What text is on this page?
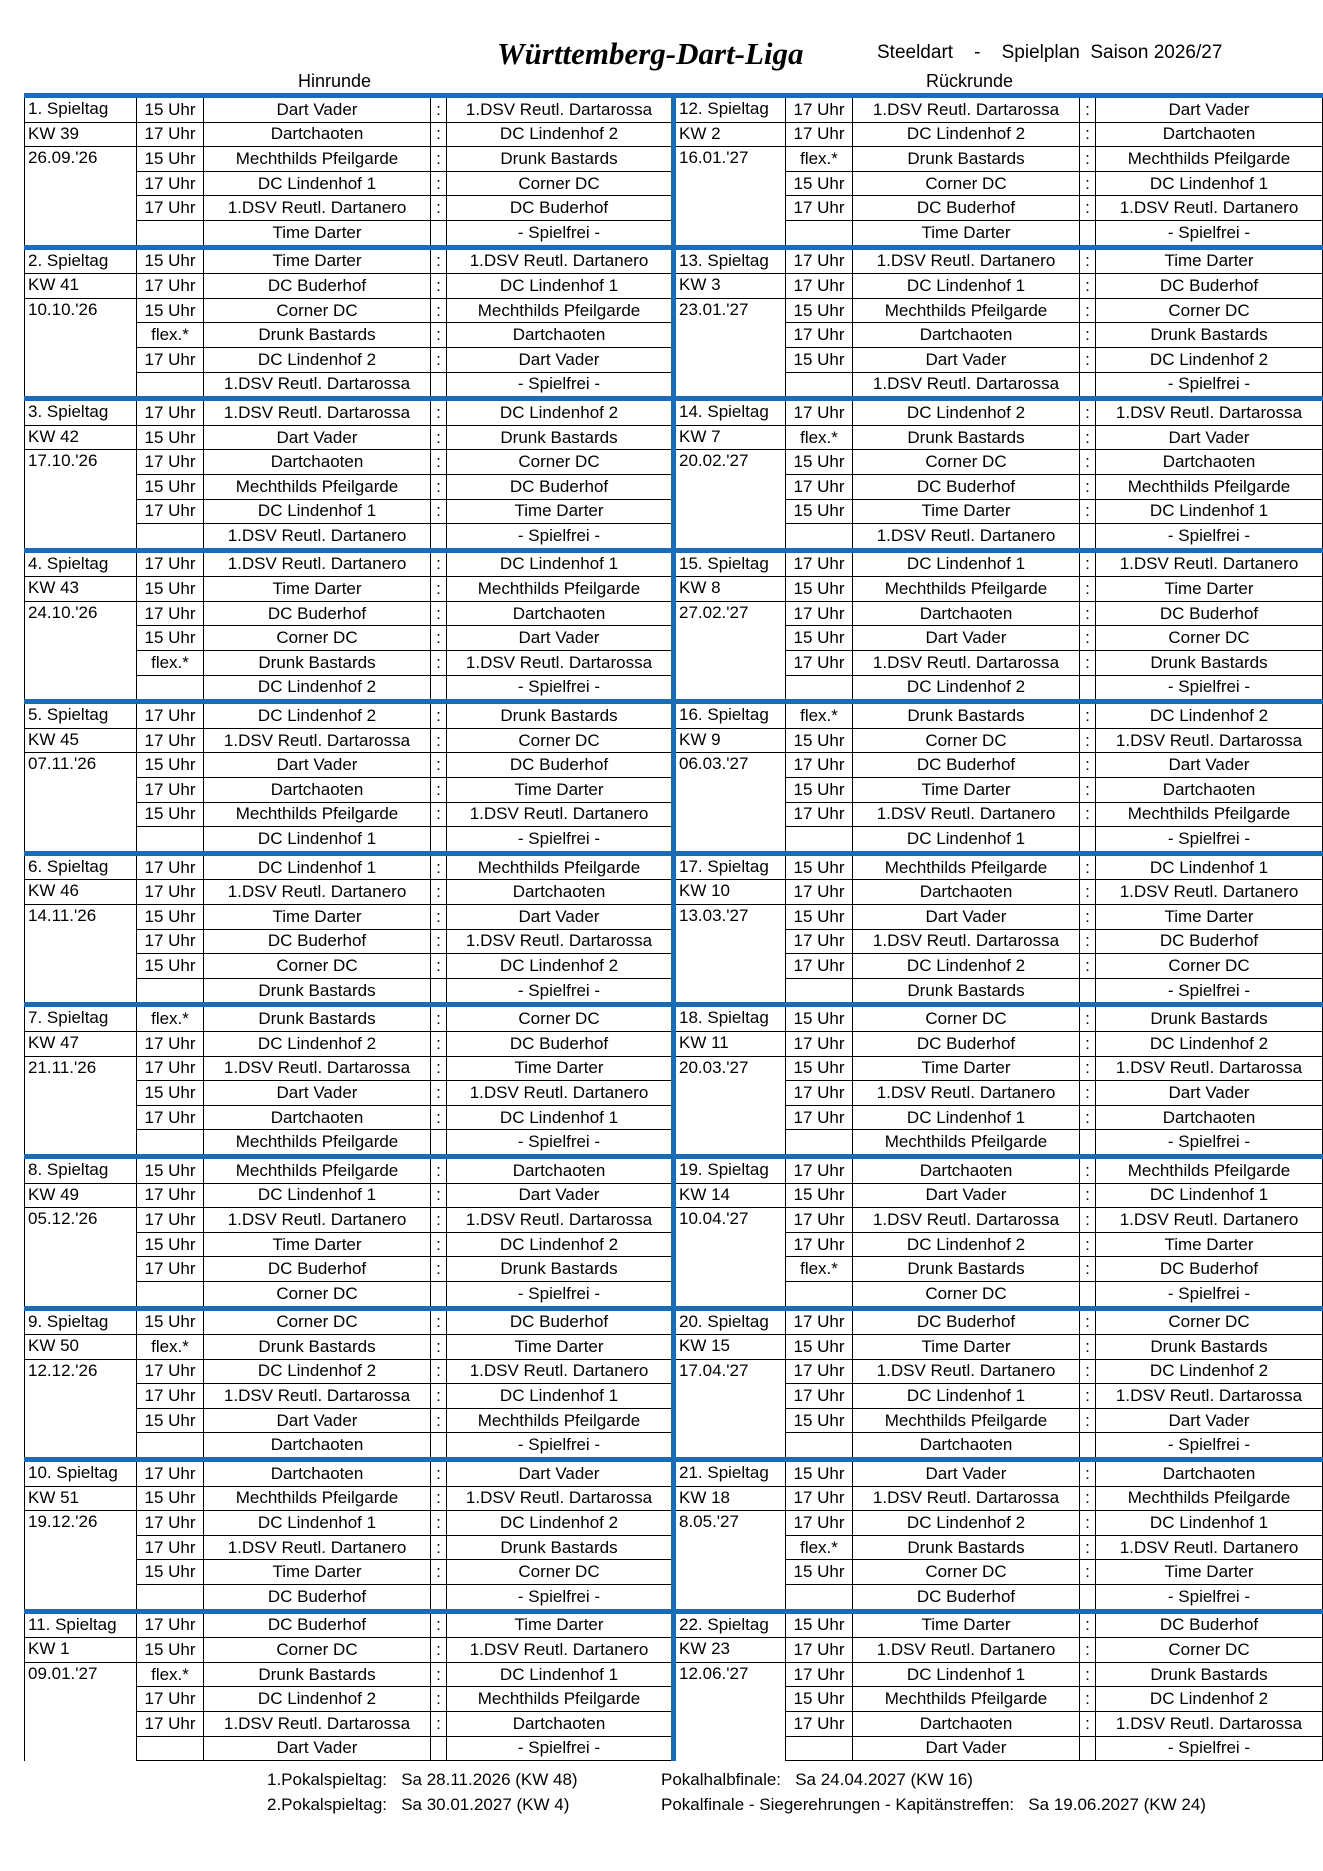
Württemberg-Dart-Liga	Steeldart    -    Spielplan  Saison 2026/27
Hinrunde	Rückrunde
1. Spieltag	15 Uhr	Dart Vader	:	1.DSV Reutl. Dartarossa	12. Spieltag	17 Uhr	1.DSV Reutl. Dartarossa	:	Dart Vader
KW 39	17 Uhr	Dartchaoten	:	DC Lindenhof 2	KW 2	17 Uhr	DC Lindenhof 2	:	Dartchaoten
26.09.'26	15 Uhr	Mechthilds Pfeilgarde	:	Drunk Bastards	16.01.'27	flex.*	Drunk Bastards	:	Mechthilds Pfeilgarde
	17 Uhr	DC Lindenhof 1	:	Corner DC		15 Uhr	Corner DC	:	DC Lindenhof 1
	17 Uhr	1.DSV Reutl. Dartanero	:	DC Buderhof		17 Uhr	DC Buderhof	:	1.DSV Reutl. Dartanero
		Time Darter		- Spielfrei -			Time Darter		- Spielfrei -
2. Spieltag	15 Uhr	Time Darter	:	1.DSV Reutl. Dartanero	13. Spieltag	17 Uhr	1.DSV Reutl. Dartanero	:	Time Darter
KW 41	17 Uhr	DC Buderhof	:	DC Lindenhof 1	KW 3	17 Uhr	DC Lindenhof 1	:	DC Buderhof
10.10.'26	15 Uhr	Corner DC	:	Mechthilds Pfeilgarde	23.01.'27	15 Uhr	Mechthilds Pfeilgarde	:	Corner DC
	flex.*	Drunk Bastards	:	Dartchaoten		17 Uhr	Dartchaoten	:	Drunk Bastards
	17 Uhr	DC Lindenhof 2	:	Dart Vader		15 Uhr	Dart Vader	:	DC Lindenhof 2
		1.DSV Reutl. Dartarossa		- Spielfrei -			1.DSV Reutl. Dartarossa		- Spielfrei -
3. Spieltag	17 Uhr	1.DSV Reutl. Dartarossa	:	DC Lindenhof 2	14. Spieltag	17 Uhr	DC Lindenhof 2	:	1.DSV Reutl. Dartarossa
KW 42	15 Uhr	Dart Vader	:	Drunk Bastards	KW 7	flex.*	Drunk Bastards	:	Dart Vader
17.10.'26	17 Uhr	Dartchaoten	:	Corner DC	20.02.'27	15 Uhr	Corner DC	:	Dartchaoten
	15 Uhr	Mechthilds Pfeilgarde	:	DC Buderhof		17 Uhr	DC Buderhof	:	Mechthilds Pfeilgarde
	17 Uhr	DC Lindenhof 1	:	Time Darter		15 Uhr	Time Darter	:	DC Lindenhof 1
		1.DSV Reutl. Dartanero		- Spielfrei -			1.DSV Reutl. Dartanero		- Spielfrei -
4. Spieltag	17 Uhr	1.DSV Reutl. Dartanero	:	DC Lindenhof 1	15. Spieltag	17 Uhr	DC Lindenhof 1	:	1.DSV Reutl. Dartanero
KW 43	15 Uhr	Time Darter	:	Mechthilds Pfeilgarde	KW 8	15 Uhr	Mechthilds Pfeilgarde	:	Time Darter
24.10.'26	17 Uhr	DC Buderhof	:	Dartchaoten	27.02.'27	17 Uhr	Dartchaoten	:	DC Buderhof
	15 Uhr	Corner DC	:	Dart Vader		15 Uhr	Dart Vader	:	Corner DC
	flex.*	Drunk Bastards	:	1.DSV Reutl. Dartarossa		17 Uhr	1.DSV Reutl. Dartarossa	:	Drunk Bastards
		DC Lindenhof 2		- Spielfrei -			DC Lindenhof 2		- Spielfrei -
5. Spieltag	17 Uhr	DC Lindenhof 2	:	Drunk Bastards	16. Spieltag	flex.*	Drunk Bastards	:	DC Lindenhof 2
KW 45	17 Uhr	1.DSV Reutl. Dartarossa	:	Corner DC	KW 9	15 Uhr	Corner DC	:	1.DSV Reutl. Dartarossa
07.11.'26	15 Uhr	Dart Vader	:	DC Buderhof	06.03.'27	17 Uhr	DC Buderhof	:	Dart Vader
	17 Uhr	Dartchaoten	:	Time Darter		15 Uhr	Time Darter	:	Dartchaoten
	15 Uhr	Mechthilds Pfeilgarde	:	1.DSV Reutl. Dartanero		17 Uhr	1.DSV Reutl. Dartanero	:	Mechthilds Pfeilgarde
		DC Lindenhof 1		- Spielfrei -			DC Lindenhof 1		- Spielfrei -
6. Spieltag	17 Uhr	DC Lindenhof 1	:	Mechthilds Pfeilgarde	17. Spieltag	15 Uhr	Mechthilds Pfeilgarde	:	DC Lindenhof 1
KW 46	17 Uhr	1.DSV Reutl. Dartanero	:	Dartchaoten	KW 10	17 Uhr	Dartchaoten	:	1.DSV Reutl. Dartanero
14.11.'26	15 Uhr	Time Darter	:	Dart Vader	13.03.'27	15 Uhr	Dart Vader	:	Time Darter
	17 Uhr	DC Buderhof	:	1.DSV Reutl. Dartarossa		17 Uhr	1.DSV Reutl. Dartarossa	:	DC Buderhof
	15 Uhr	Corner DC	:	DC Lindenhof 2		17 Uhr	DC Lindenhof 2	:	Corner DC
		Drunk Bastards		- Spielfrei -			Drunk Bastards		- Spielfrei -
7. Spieltag	flex.*	Drunk Bastards	:	Corner DC	18. Spieltag	15 Uhr	Corner DC	:	Drunk Bastards
KW 47	17 Uhr	DC Lindenhof 2	:	DC Buderhof	KW 11	17 Uhr	DC Buderhof	:	DC Lindenhof 2
21.11.'26	17 Uhr	1.DSV Reutl. Dartarossa	:	Time Darter	20.03.'27	15 Uhr	Time Darter	:	1.DSV Reutl. Dartarossa
	15 Uhr	Dart Vader	:	1.DSV Reutl. Dartanero		17 Uhr	1.DSV Reutl. Dartanero	:	Dart Vader
	17 Uhr	Dartchaoten	:	DC Lindenhof 1		17 Uhr	DC Lindenhof 1	:	Dartchaoten
		Mechthilds Pfeilgarde		- Spielfrei -			Mechthilds Pfeilgarde		- Spielfrei -
8. Spieltag	15 Uhr	Mechthilds Pfeilgarde	:	Dartchaoten	19. Spieltag	17 Uhr	Dartchaoten	:	Mechthilds Pfeilgarde
KW 49	17 Uhr	DC Lindenhof 1	:	Dart Vader	KW 14	15 Uhr	Dart Vader	:	DC Lindenhof 1
05.12.'26	17 Uhr	1.DSV Reutl. Dartanero	:	1.DSV Reutl. Dartarossa	10.04.'27	17 Uhr	1.DSV Reutl. Dartarossa	:	1.DSV Reutl. Dartanero
	15 Uhr	Time Darter	:	DC Lindenhof 2		17 Uhr	DC Lindenhof 2	:	Time Darter
	17 Uhr	DC Buderhof	:	Drunk Bastards		flex.*	Drunk Bastards	:	DC Buderhof
		Corner DC		- Spielfrei -			Corner DC		- Spielfrei -
9. Spieltag	15 Uhr	Corner DC	:	DC Buderhof	20. Spieltag	17 Uhr	DC Buderhof	:	Corner DC
KW 50	flex.*	Drunk Bastards	:	Time Darter	KW 15	15 Uhr	Time Darter	:	Drunk Bastards
12.12.'26	17 Uhr	DC Lindenhof 2	:	1.DSV Reutl. Dartanero	17.04.'27	17 Uhr	1.DSV Reutl. Dartanero	:	DC Lindenhof 2
	17 Uhr	1.DSV Reutl. Dartarossa	:	DC Lindenhof 1		17 Uhr	DC Lindenhof 1	:	1.DSV Reutl. Dartarossa
	15 Uhr	Dart Vader	:	Mechthilds Pfeilgarde		15 Uhr	Mechthilds Pfeilgarde	:	Dart Vader
		Dartchaoten		- Spielfrei -			Dartchaoten		- Spielfrei -
10. Spieltag	17 Uhr	Dartchaoten	:	Dart Vader	21. Spieltag	15 Uhr	Dart Vader	:	Dartchaoten
KW 51	15 Uhr	Mechthilds Pfeilgarde	:	1.DSV Reutl. Dartarossa	KW 18	17 Uhr	1.DSV Reutl. Dartarossa	:	Mechthilds Pfeilgarde
19.12.'26	17 Uhr	DC Lindenhof 1	:	DC Lindenhof 2	8.05.'27	17 Uhr	DC Lindenhof 2	:	DC Lindenhof 1
	17 Uhr	1.DSV Reutl. Dartanero	:	Drunk Bastards		flex.*	Drunk Bastards	:	1.DSV Reutl. Dartanero
	15 Uhr	Time Darter	:	Corner DC		15 Uhr	Corner DC	:	Time Darter
		DC Buderhof		- Spielfrei -			DC Buderhof		- Spielfrei -
11. Spieltag	17 Uhr	DC Buderhof	:	Time Darter	22. Spieltag	15 Uhr	Time Darter	:	DC Buderhof
KW 1	15 Uhr	Corner DC	:	1.DSV Reutl. Dartanero	KW 23	17 Uhr	1.DSV Reutl. Dartanero	:	Corner DC
09.01.'27	flex.*	Drunk Bastards	:	DC Lindenhof 1	12.06.'27	17 Uhr	DC Lindenhof 1	:	Drunk Bastards
	17 Uhr	DC Lindenhof 2	:	Mechthilds Pfeilgarde		15 Uhr	Mechthilds Pfeilgarde	:	DC Lindenhof 2
	17 Uhr	1.DSV Reutl. Dartarossa	:	Dartchaoten		17 Uhr	Dartchaoten	:	1.DSV Reutl. Dartarossa
		Dart Vader		- Spielfrei -			Dart Vader		- Spielfrei -
1.Pokalspieltag:   Sa 28.11.2026 (KW 48)
2.Pokalspieltag:   Sa 30.01.2027 (KW 4)
Pokalhalbfinale:   Sa 24.04.2027 (KW 16)
Pokalfinale - Siegerehrungen - Kapitänstreffen:   Sa 19.06.2027 (KW 24)
